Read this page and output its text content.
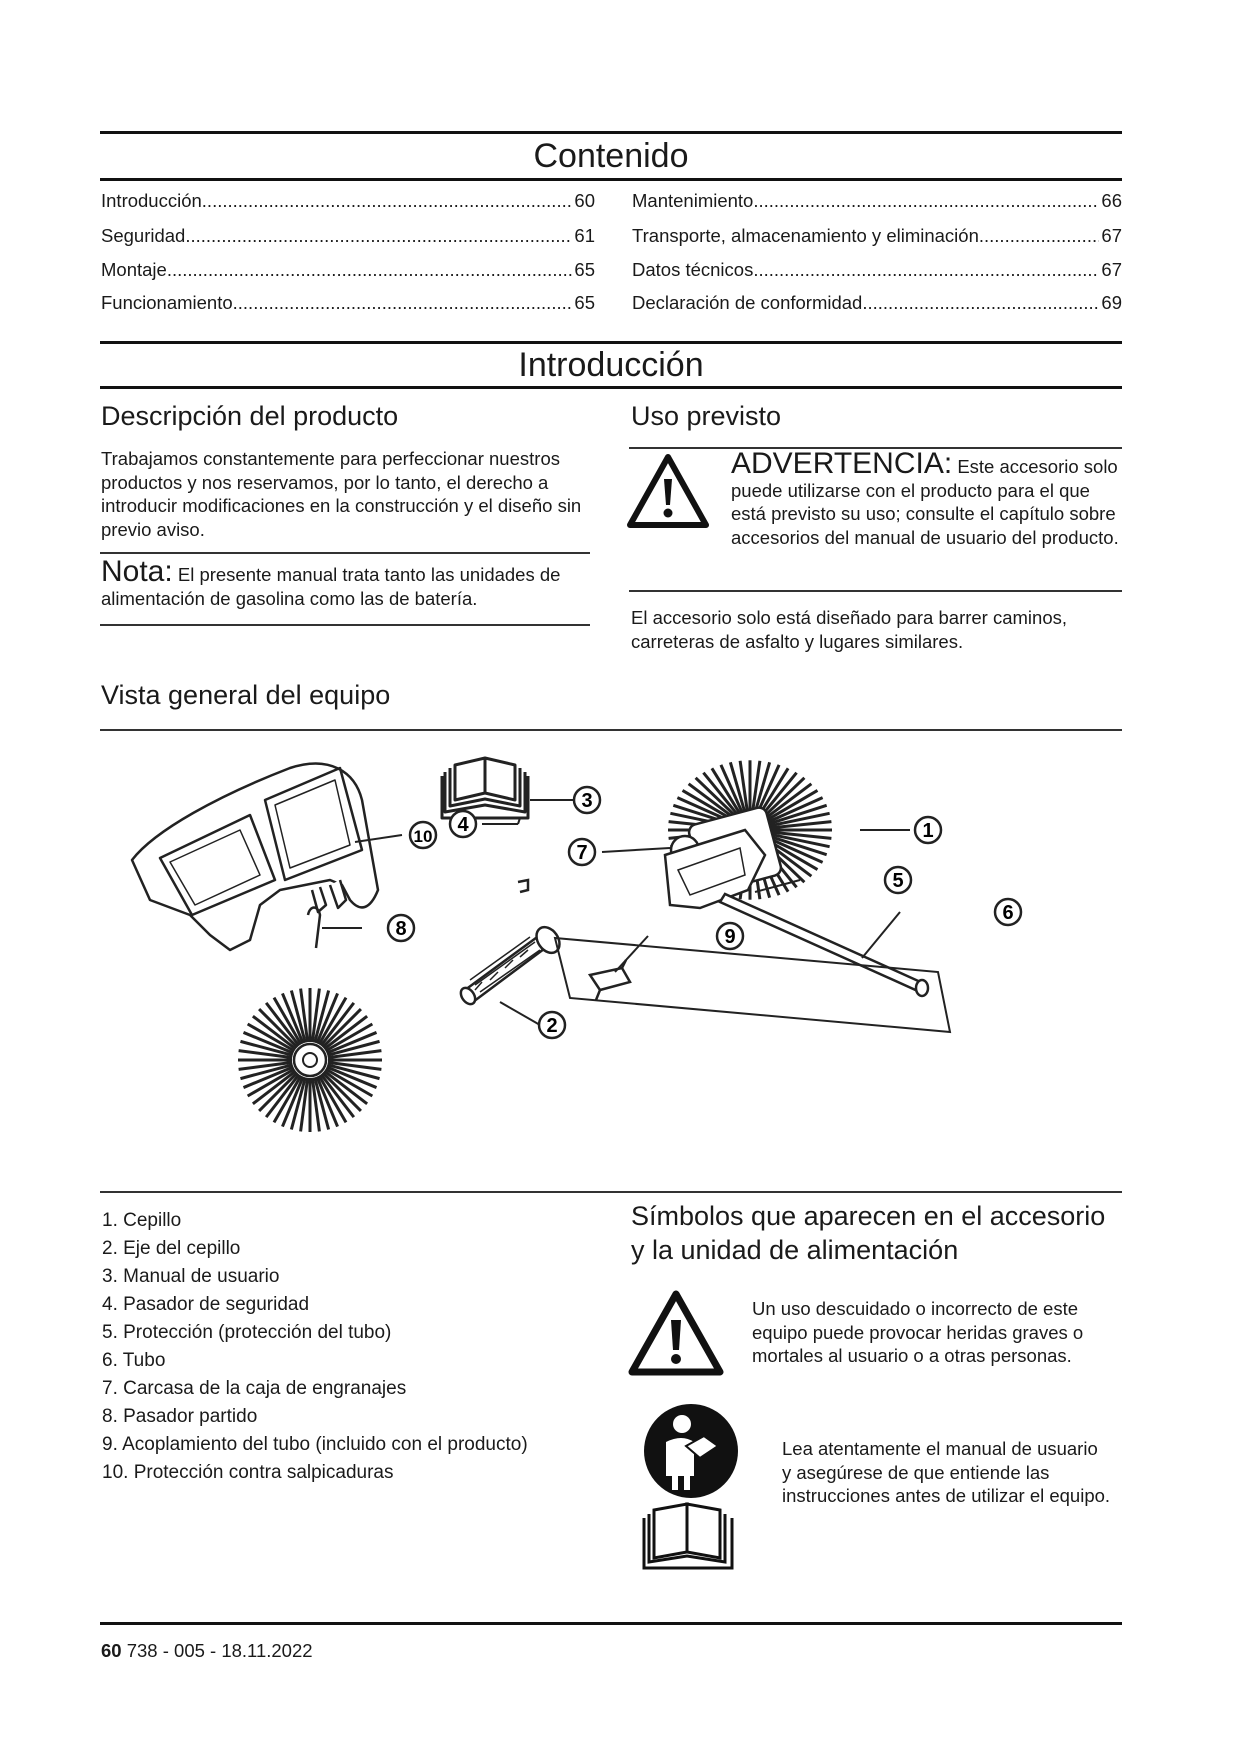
Contenido
Introducción .....	60
Seguridad .....	61
Montaje .....	65
Funcionamiento .....	65
Mantenimiento .....	66
Transporte, almacenamiento y eliminación .....	67
Datos técnicos .....	67
Declaración de conformidad .....	69
Introducción
Descripción del producto
Trabajamos constantemente para perfeccionar nuestros productos y nos reservamos, por lo tanto, el derecho a introducir modificaciones en la construcción y el diseño sin previo aviso.
Nota: El presente manual trata tanto las unidades de alimentación de gasolina como las de batería.
Uso previsto
ADVERTENCIA: Este accesorio solo puede utilizarse con el producto para el que está previsto su uso; consulte el capítulo sobre accesorios del manual de usuario del producto.
El accesorio solo está diseñado para barrer caminos, carreteras de asfalto y lugares similares.
Vista general del equipo
1
2
3
4
5
6
7
8	9
10
1. Cepillo
2. Eje del cepillo
3. Manual de usuario
4. Pasador de seguridad
5. Protección (protección del tubo)
6. Tubo
7. Carcasa de la caja de engranajes
8. Pasador partido
9. Acoplamiento del tubo (incluido con el producto)
10. Protección contra salpicaduras
Símbolos que aparecen en el accesorio
y la unidad de alimentación
Un uso descuidado o incorrecto de este equipo puede provocar heridas graves o mortales al usuario o a otras personas.
Lea atentamente el manual de usuario y asegúrese de que entiende las instrucciones antes de utilizar el equipo.
60 738 - 005 - 18.11.2022
